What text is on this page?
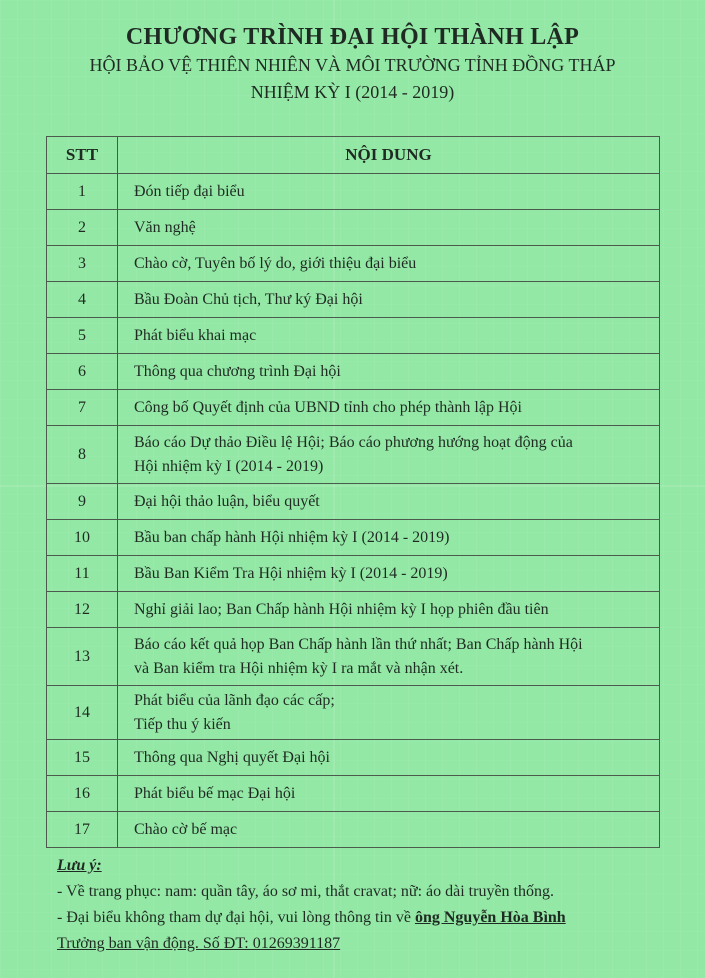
CHƯƠNG TRÌNH ĐẠI HỘI THÀNH LẬP
HỘI BẢO VỆ THIÊN NHIÊN VÀ MÔI TRƯỜNG TỈNH ĐỒNG THÁP
NHIỆM KỲ I (2014 - 2019)
STT	NỘI DUNG
1	Đón tiếp đại biểu

2	Văn nghệ

3	Chào cờ, Tuyên bố lý do, giới thiệu đại biểu

4	Bầu Đoàn Chủ tịch, Thư ký Đại hội

5	Phát biểu khai mạc

6	Thông qua chương trình Đại hội

7	Công bố Quyết định của UBND tỉnh cho phép thành lập Hội

8	Báo cáo Dự thảo Điều lệ Hội; Báo cáo phương hướng hoạt động của
Hội nhiệm kỳ I (2014 - 2019)

9	Đại hội thảo luận, biểu quyết

10	Bầu ban chấp hành Hội nhiệm kỳ I (2014 - 2019)

11	Bầu Ban Kiểm Tra Hội nhiệm kỳ I (2014 - 2019)

12	Nghỉ giải lao; Ban Chấp hành Hội nhiệm kỳ I họp phiên đầu tiên

13	Báo cáo kết quả họp Ban Chấp hành lần thứ nhất; Ban Chấp hành Hội
và Ban kiểm tra Hội nhiệm kỳ I ra mắt và nhận xét.

14	Phát biểu của lãnh đạo các cấp;
Tiếp thu ý kiến

15	Thông qua Nghị quyết Đại hội

16	Phát biểu bế mạc Đại hội

17	Chào cờ bế mạc
Lưu ý:
- Về trang phục: nam: quần tây, áo sơ mi, thắt cravat; nữ: áo dài truyền thống.
- Đại biểu không tham dự đại hội, vui lòng thông tin về ông Nguyễn Hòa Bình
Trưởng ban vận động. Số ĐT: 01269391187
